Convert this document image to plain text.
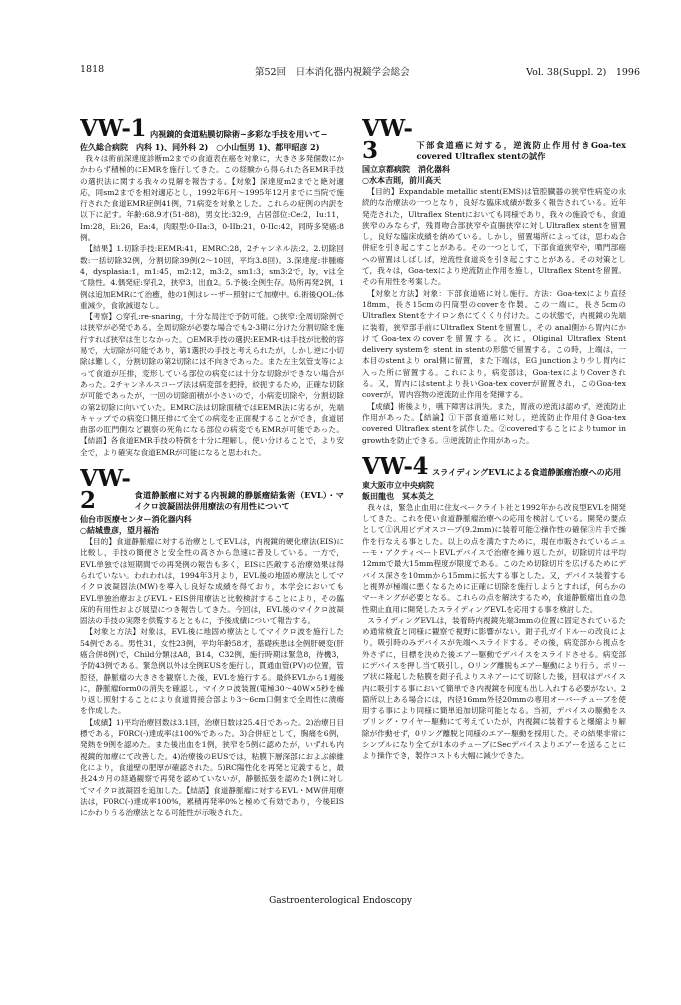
1818	第52回　日本消化器内視鏡学会総会	Vol. 38(Suppl. 2)　1996
VW-1 内視鏡的食道粘膜切除術−多彩な手技を用いて−
佐久総合病院　内科 1)、同外科 2)　○小山恒男 1)、都甲昭彦 2)

我々は術前深達度診断m2までの食道表在癌を対象に，大きさ多発個数にかかわらず積極的にEMRを施行してきた。この経験から得られた各EMR手技の選択法に関する我々の見解を報告する。【対象】深達度m2までと絶対適応，同sm2までを相対適応とし，1992年6月〜1995年12月までに当院で施行された食道EMR症例41例，71病変を対象とした。これらの症例の内訳を以下に記す。年齢:68.9才(51-88)，男女比:32:9，占居部位:Ce:2，Iu:11，Im:28，Ei:26，Ea:4，肉眼型:0-IIa:3，0-IIb:21，0-IIc:42，同時多発癌:8例。

【結果】1.切除手技:EEMR:41，EMRC:28，2チャンネル法:2。2.切除回数:一括切除32例，分割切除39例(2〜10回，平均3.8回)。3.深達度:非腫瘍4，dysplasia:1，m1:45，m2:12，m3:2，sm1:3，sm3:2で，ly，vは全て陰性。4.偶発症:穿孔2，狭窄3，出血2。5.予後:全例生存。局所再発2例，1例は追加EMRにて治癒，他の1例はレーザー照射にて加療中。6.術後QOL:体重減少，食欲減退なし。

【考察】○穿孔:re-snaring，十分な局注で予防可能。○狭窄:全周切除例では狭窄が必発である。全周切除が必要な場合でも2-3期に分けた分割切除を施行すれば狭窄は生じなかった。○EMR手技の選択:EEMR-tは手技が比較的容易で，大切除が可能であり，第1選択の手技と考えられたが，しかし逆に小切除は難しく，分割切除の第2切除には不向きであった。また左主気管支等によって食道が圧排，変形している部位の病変には十分な切除ができない場合があった。2チャンネルスコープ法は病変部を把持，絞扼するため，正確な切除が可能であったが，一回の切除面積が小さいので，小病変切除や，分割切除の第2切除に向いていた。EMRC法は切除面積ではEEMR法に劣るが，先端キャップでの病変口側圧排にて全ての病変を正面視することができ，食道屈曲部の肛門側など観察の死角になる部位の病変でもEMRが可能であった。【結語】各食道EMR手技の特徴を十分に理解し，使い分けることで，より安全で，より確実な食道EMRが可能になると思われた。

VW-2	食道静脈瘤に対する内視鏡的静脈瘤結紮術（EVL）・マイクロ波凝固法併用療法の有用性について
仙台市医療センター消化器内科
○結城豊彦，望月福治

【目的】食道静脈瘤に対する治療としてEVLは，内視鏡的硬化療法(EIS)に比較し，手技の簡便さと安全性の高さから急速に普及している。一方で，EVL単独では短期間での再発例の報告も多く，EISに匹敵する治療効果は得られていない。われわれは，1994年3月より，EVL後の地固め療法としてマイクロ波凝固法(MW)を導入し良好な成績を得ており，本学会においてもEVL単独治療およびEVL・EIS併用療法と比較検討することにより，その臨床的有用性および展望につき報告してきた。今回は，EVL後のマイクロ波凝固法の手技の実際を供覧するとともに，予後成績について報告する。

【対象と方法】対象は，EVL後に地固め療法としてマイクロ波を施行した54例である。男性31，女性23例，平均年齢58才，基礎疾患は全例肝硬変(肝癌合併8例)で，Child分類はA8，B14，C32例，施行時期は緊急8，待機3，予防43例である。緊急例以外は全例EUSを施行し，貫通血管(PV)の位置，管腔径，静脈瘤の大きさを観察した後，EVLを施行する。最終EVLから1週後に，静脈瘤form0の消失を確認し，マイクロ波装置(電極30〜40W×5秒を繰り返し照射することにより食道胃接合部より3〜6cm口側まで全周性に潰瘍を作成した。

【成績】1)平均治療回数は3.1回，治療日数は25.4日であった。2)治療日目標である，F0RC(-)達成率は100%であった。3)合併症として，胸痛を6例，発熱を9例を認めた。また後出血を1例，狭窄を5例に認めたが，いずれも内視鏡的加療にて改善した。4)治療後のEUSでは，粘膜下層深部におよぶ線維化により，食道壁の肥厚が確認された。5)RC陽性化を再発と定義すると，最長24カ月の経過観察で再発を認めていないが，静脈拡張を認めた1例に対してマイクロ波凝固を追加した。【結語】食道静脈瘤に対するEVL・MW併用療法は，F0RC(-)達成率100%，累積再発率0%と極めて有効であり，今後EISにかわりうる治療法となる可能性が示唆された。

VW-3	下部食道癌に対する，逆流防止作用付きGoa-tex covered Ultraflex stentの試作
国立京都病院　消化器科
○水本吉則，前川高天

【目的】Expandable metallic stent(EMS)は管腔臓器の狭窄性病変の永続的な治療法の一つとなり，良好な臨床成績が数多く報告されている。近年発売された，Ultraflex Stentにおいても同様であり，我々の施設でも，食道狭窄のみならず，残胃吻合部狭窄や直腸狭窄に対しUltraflex stentを留置し，良好な臨床成績を納めている。しかし，留置場所によっては，思わぬ合併症を引き起こすことがある。その一つとして，下部食道狭窄や，噴門部癌への留置はしばしば，逆流性食道炎を引き起こすことがある。その対策として，我々は，Goa-texにより逆流防止作用を施し，Ultraflex Stentを留置。その有用性を考案した。

【対象と方法】対象：下部食道癌に対し施行。方法：Goa-texにより直径18mm，長さ15cmの円筒型のcoverを作製。この一端に，長さ5cmのUltraflex Stentをナイロン糸にてくくり付けた。この状態で，内視鏡の先端に装着，狭窄部手前にUltraflex Stentを留置し，その anal側から胃内にかけてGoa-texのcoverを留置する。次に，Oliginal Ultraflex Stent delivery systemを stent in stentの形態で留置する。この時，上端は，一本目のstentより oral側に留置，また下端は，EG junctionより少し胃内に入った所に留置する。これにより，病変部は，Goa-texによりCoverされる。又，胃内にはstentより長いGoa-tex coverが留置され，このGoa-tex coverが，胃内容物の逆流防止作用を発揮する。

【成績】術後より，嚥下障害は消失。また，胃液の逆流は認めず，逆流防止作用があった。【結論】①下部食道癌に対し，逆流防止作用付きGoa-tex covered Ultraflex stentを試作した。②coveredすることによりtumor in growthを防止できる。③逆流防止作用があった。

VW-4 スライディングEVLによる食道静脈瘤治療への応用
東大阪市立中央病院
飯田龍也　冥本英之

我々は，緊急止血用に住友ベークライト社と1992年から改良型EVLを開発してきた。これを使い食道静脈瘤治療への応用を検討している。開発の要点として①汎用ビデオスコープ(9.2mm)に装着可能②操作性の確保③片手で操作を行なえる事とした。以上の点を満たすために，現在市販されているニューモ・アクティベートEVLデバイスで治療を繰り返したが，切除切片は平均12mmで最大15mm程度が限度である。このため切除切片を広げるためにデバイス深さを10mmから15mmに拡大する事とした。又，デバイス装着すると視界が極端に悪くなるために正確に切除を施行しようとすれば，何らかのマーキングが必要となる。これらの点を解決するため，食道静脈瘤出血の急性期止血用に開発したスライディングEVLを応用する事を検討した。

スライディングEVLは，装着時内視鏡先端3mmの位置に固定されているため通常検査と同様に観察で視野に影響がない。鉗子孔ガイドルーの改良により，吸引時のみデバイスが先端へスライドする。その後，病変部から視点を外さずに，目標を決めた後エアー駆動でデバイスをスライドさせる。病変部にデバイスを押し当て吸引し，Oリング離脱もエアー駆動により行う。ポリープ状に隆起した粘膜を鉗子孔よりスネアーにて切除した後，回収はデバイス内に吸引する事において簡単でき内視鏡を何度も出し入れする必要がない。2箇所以上ある場合には，内径16mm外径20mmの専用オーバーチューブを使用する事により同様に簡単追加切除可能となる。当初，デバイスの駆動をスプリング・ワイヤー駆動にて考えていたが，内視鏡に装着すると爆縮より解除が作動せず，0リング離脱と同様のエアー駆動を採用した。その結果非常にシンプルになり全てが1本のチューブにSecデバイスよりエアーを送ることにより操作でき，製作コストも大幅に減少できた。

Gastroenterological Endoscopy
